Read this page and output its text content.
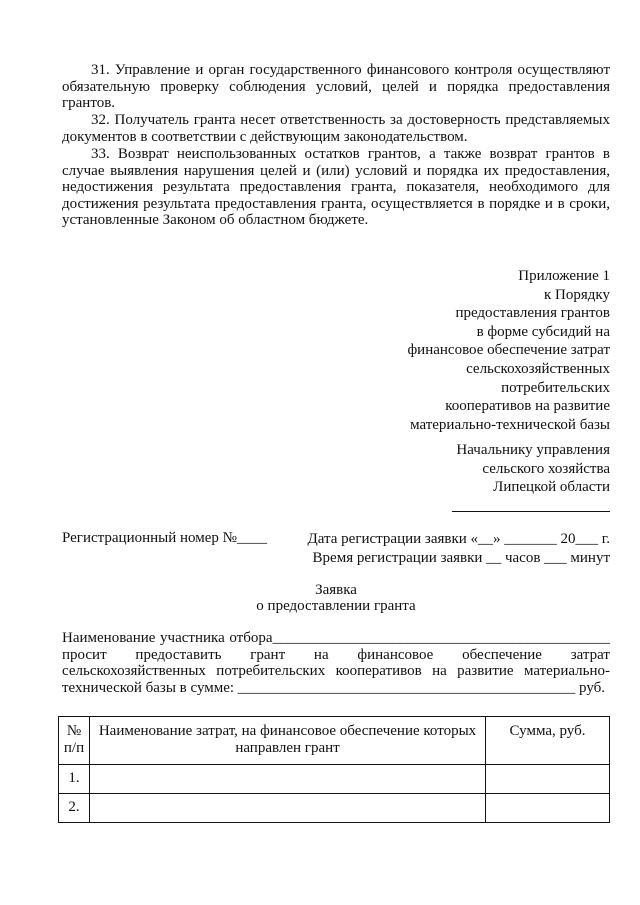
31. Управление и орган государственного финансового контроля осуществляют обязательную проверку соблюдения условий, целей и порядка предоставления грантов.

32. Получатель гранта несет ответственность за достоверность представляемых документов в соответствии с действующим законодательством.

33. Возврат неиспользованных остатков грантов, а также возврат грантов в случае выявления нарушения целей и (или) условий и порядка их предоставления, недостижения результата предоставления гранта, показателя, необходимого для достижения результата предоставления гранта, осуществляется в порядке и в сроки, установленные Законом об областном бюджете.

Приложение 1
к Порядку
предоставления грантов
в форме субсидий на
финансовое обеспечение затрат
сельскохозяйственных
потребительских
кооперативов на развитие
материально-технической базы
Начальнику управления
сельского хозяйства
Липецкой области
Регистрационный номер №____	Дата регистрации заявки «__» _______ 20___ г.
Время регистрации заявки __ часов ___ минут
Заявка
о предоставлении гранта
Наименование участника отбора_____________________________________________
просит предоставить грант на финансовое обеспечение затрат
сельскохозяйственных потребительских кооперативов на развитие материально-
технической базы в сумме: _____________________________________________ руб.
№ п/п	Наименование затрат, на финансовое обеспечение которых направлен грант	Сумма, руб.
1.		
2.		
